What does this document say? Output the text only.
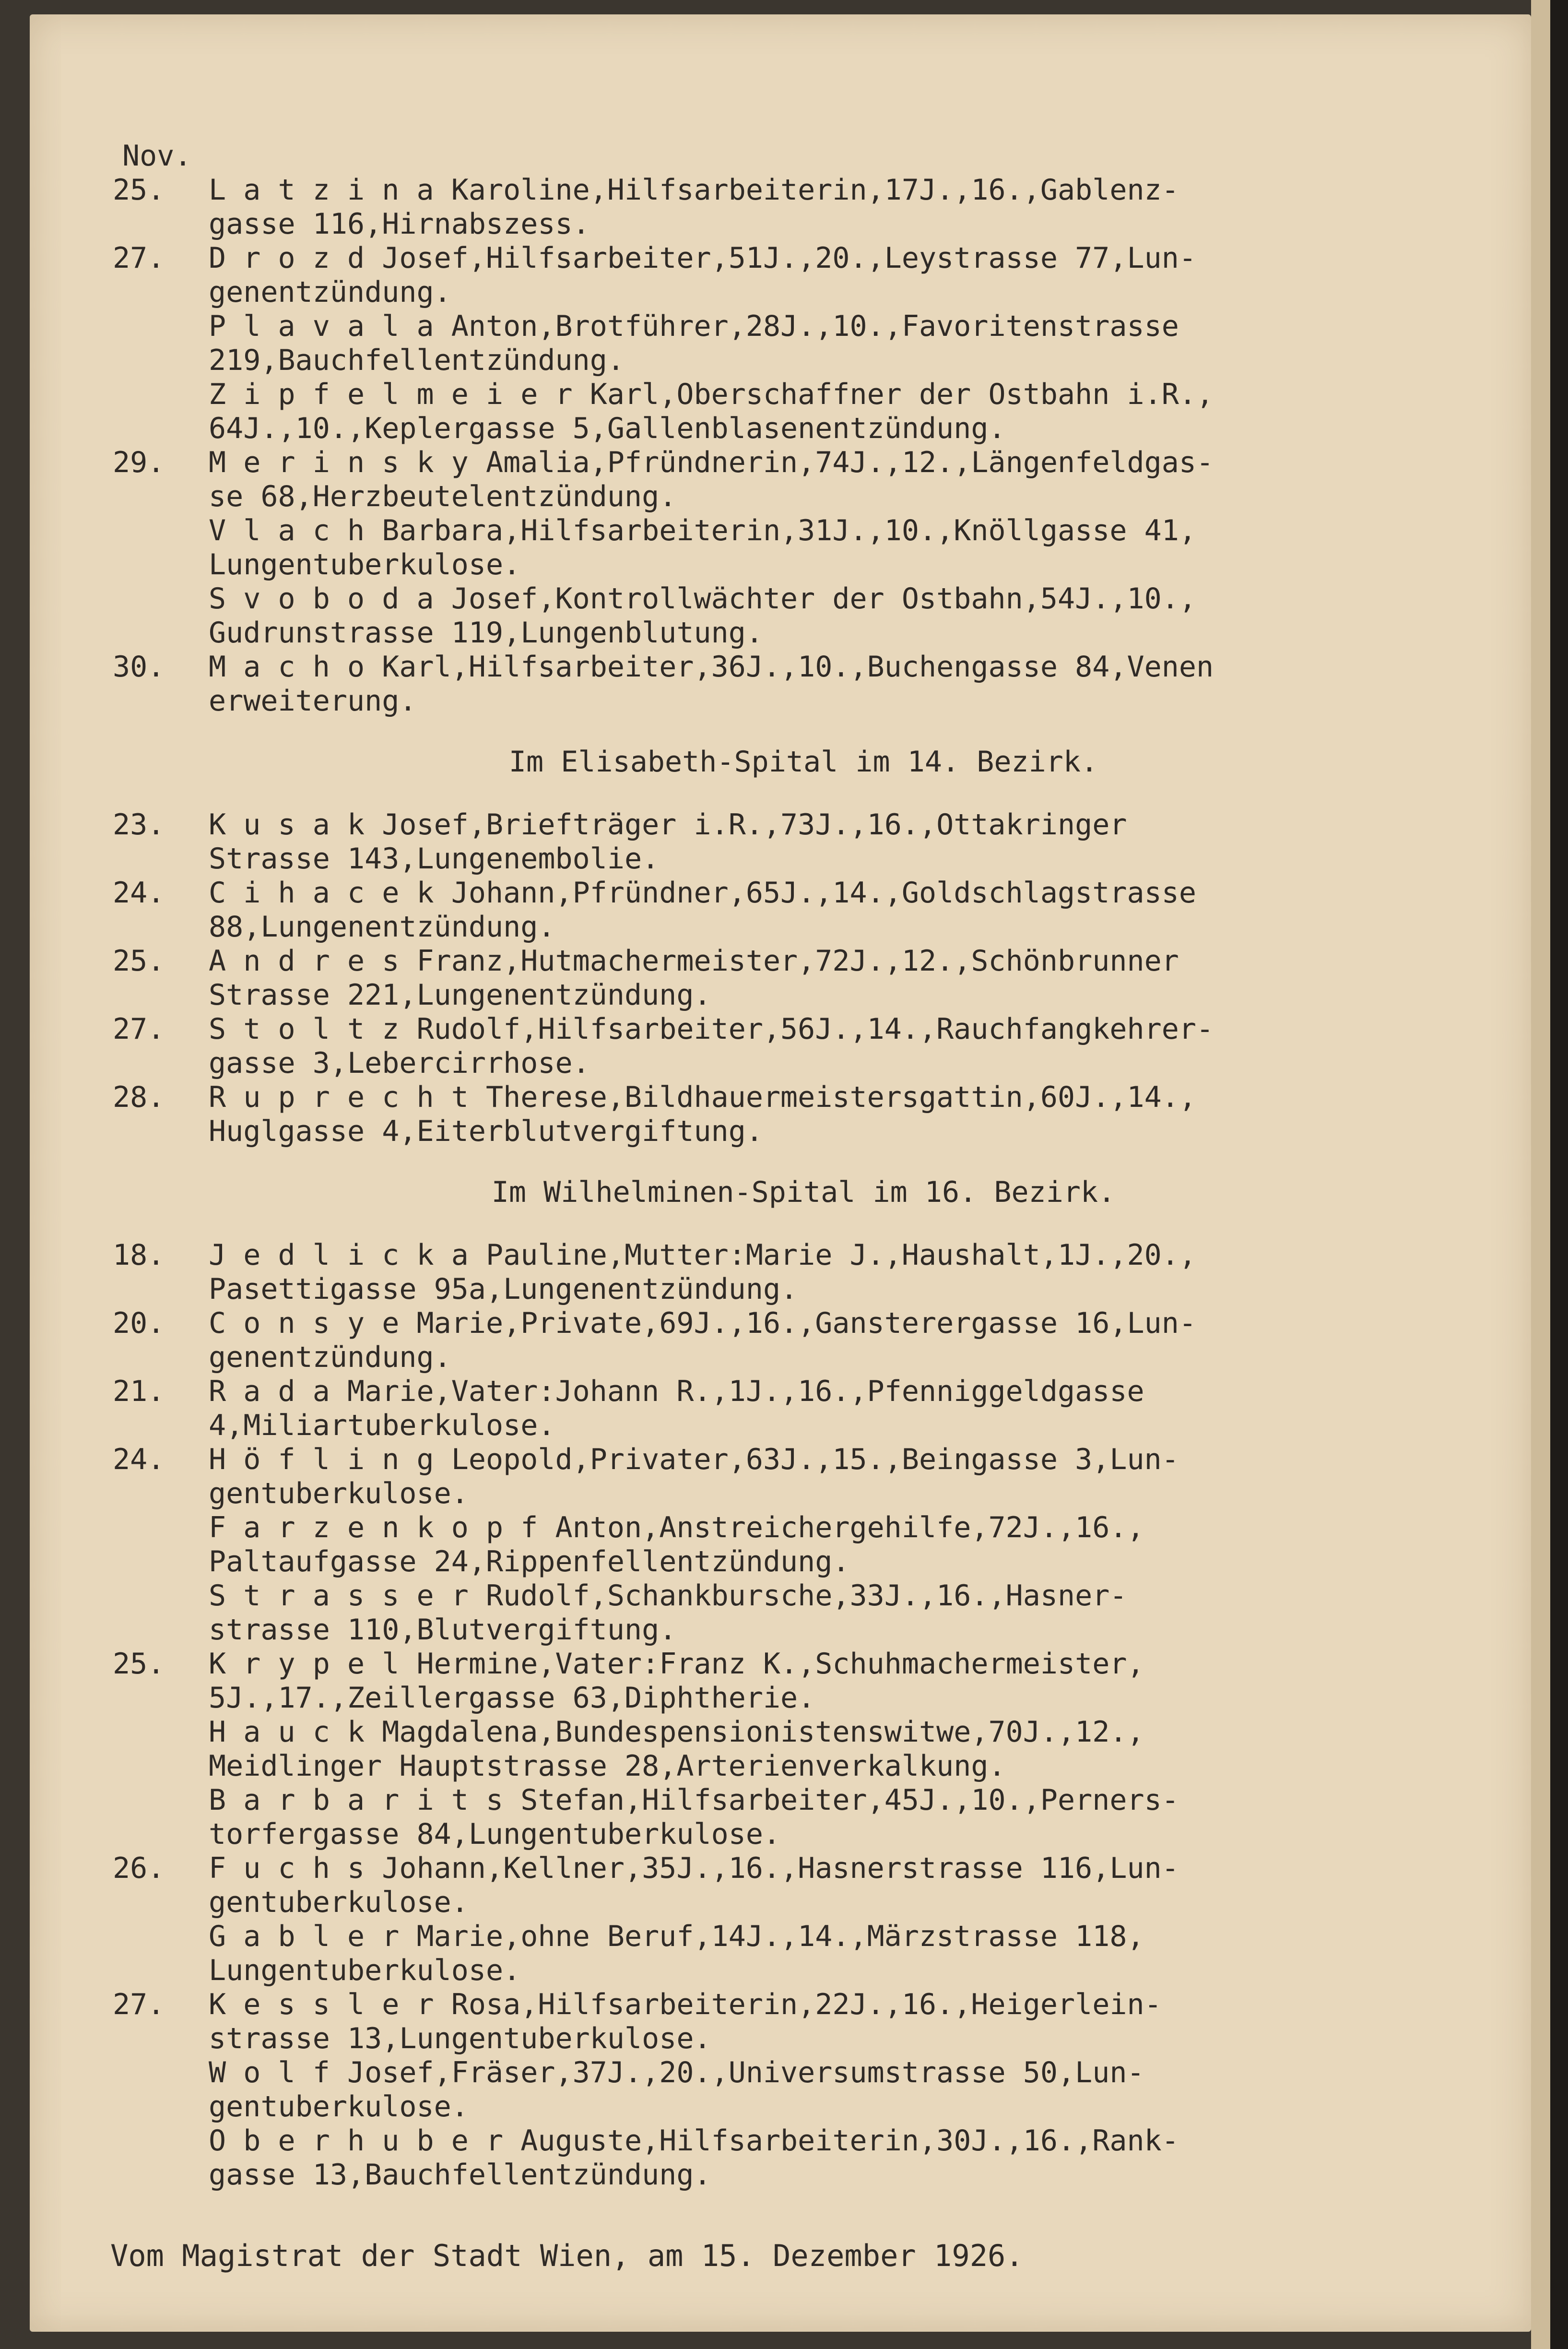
Nov.
25.	L a t z i n a Karoline,Hilfsarbeiterin,17J.,16.,Gablenz-
gasse 116,Hirnabszess.
27.	D r o z d Josef,Hilfsarbeiter,51J.,20.,Leystrasse 77,Lun-
genentzündung.
P l a v a l a Anton,Brotführer,28J.,10.,Favoritenstrasse
219,Bauchfellentzündung.
Z i p f e l m e i e r Karl,Oberschaffner der Ostbahn i.R.,
64J.,10.,Keplergasse 5,Gallenblasenentzündung.
29.	M e r i n s k y Amalia,Pfründnerin,74J.,12.,Längenfeldgas-
se 68,Herzbeutelentzündung.
V l a c h Barbara,Hilfsarbeiterin,31J.,10.,Knöllgasse 41,
Lungentuberkulose.
S v o b o d a Josef,Kontrollwächter der Ostbahn,54J.,10.,
Gudrunstrasse 119,Lungenblutung.
30.	M a c h o Karl,Hilfsarbeiter,36J.,10.,Buchengasse 84,Venen
erweiterung.
Im Elisabeth-Spital im 14. Bezirk.
23.	K u s a k Josef,Briefträger i.R.,73J.,16.,Ottakringer
Strasse 143,Lungenembolie.
24.	C i h a c e k Johann,Pfründner,65J.,14.,Goldschlagstrasse
88,Lungenentzündung.
25.	A n d r e s Franz,Hutmachermeister,72J.,12.,Schönbrunner
Strasse 221,Lungenentzündung.
27.	S t o l t z Rudolf,Hilfsarbeiter,56J.,14.,Rauchfangkehrer-
gasse 3,Lebercirrhose.
28.	R u p r e c h t Therese,Bildhauermeistersgattin,60J.,14.,
Huglgasse 4,Eiterblutvergiftung.
Im Wilhelminen-Spital im 16. Bezirk.
18.	J e d l i c k a Pauline,Mutter:Marie J.,Haushalt,1J.,20.,
Pasettigasse 95a,Lungenentzündung.
20.	C o n s y e Marie,Private,69J.,16.,Gansterergasse 16,Lun-
genentzündung.
21.	R a d a Marie,Vater:Johann R.,1J.,16.,Pfenniggeldgasse
4,Miliartuberkulose.
24.	H ö f l i n g Leopold,Privater,63J.,15.,Beingasse 3,Lun-
gentuberkulose.
F a r z e n k o p f Anton,Anstreichergehilfe,72J.,16.,
Paltaufgasse 24,Rippenfellentzündung.
S t r a s s e r Rudolf,Schankbursche,33J.,16.,Hasner-
strasse 110,Blutvergiftung.
25.	K r y p e l Hermine,Vater:Franz K.,Schuhmachermeister,
5J.,17.,Zeillergasse 63,Diphtherie.
H a u c k Magdalena,Bundespensionistenswitwe,70J.,12.,
Meidlinger Hauptstrasse 28,Arterienverkalkung.
B a r b a r i t s Stefan,Hilfsarbeiter,45J.,10.,Perners-
torfergasse 84,Lungentuberkulose.
26.	F u c h s Johann,Kellner,35J.,16.,Hasnerstrasse 116,Lun-
gentuberkulose.
G a b l e r Marie,ohne Beruf,14J.,14.,Märzstrasse 118,
Lungentuberkulose.
27.	K e s s l e r Rosa,Hilfsarbeiterin,22J.,16.,Heigerlein-
strasse 13,Lungentuberkulose.
W o l f Josef,Fräser,37J.,20.,Universumstrasse 50,Lun-
gentuberkulose.
O b e r h u b e r Auguste,Hilfsarbeiterin,30J.,16.,Rank-
gasse 13,Bauchfellentzündung.
Vom Magistrat der Stadt Wien, am 15. Dezember 1926.
